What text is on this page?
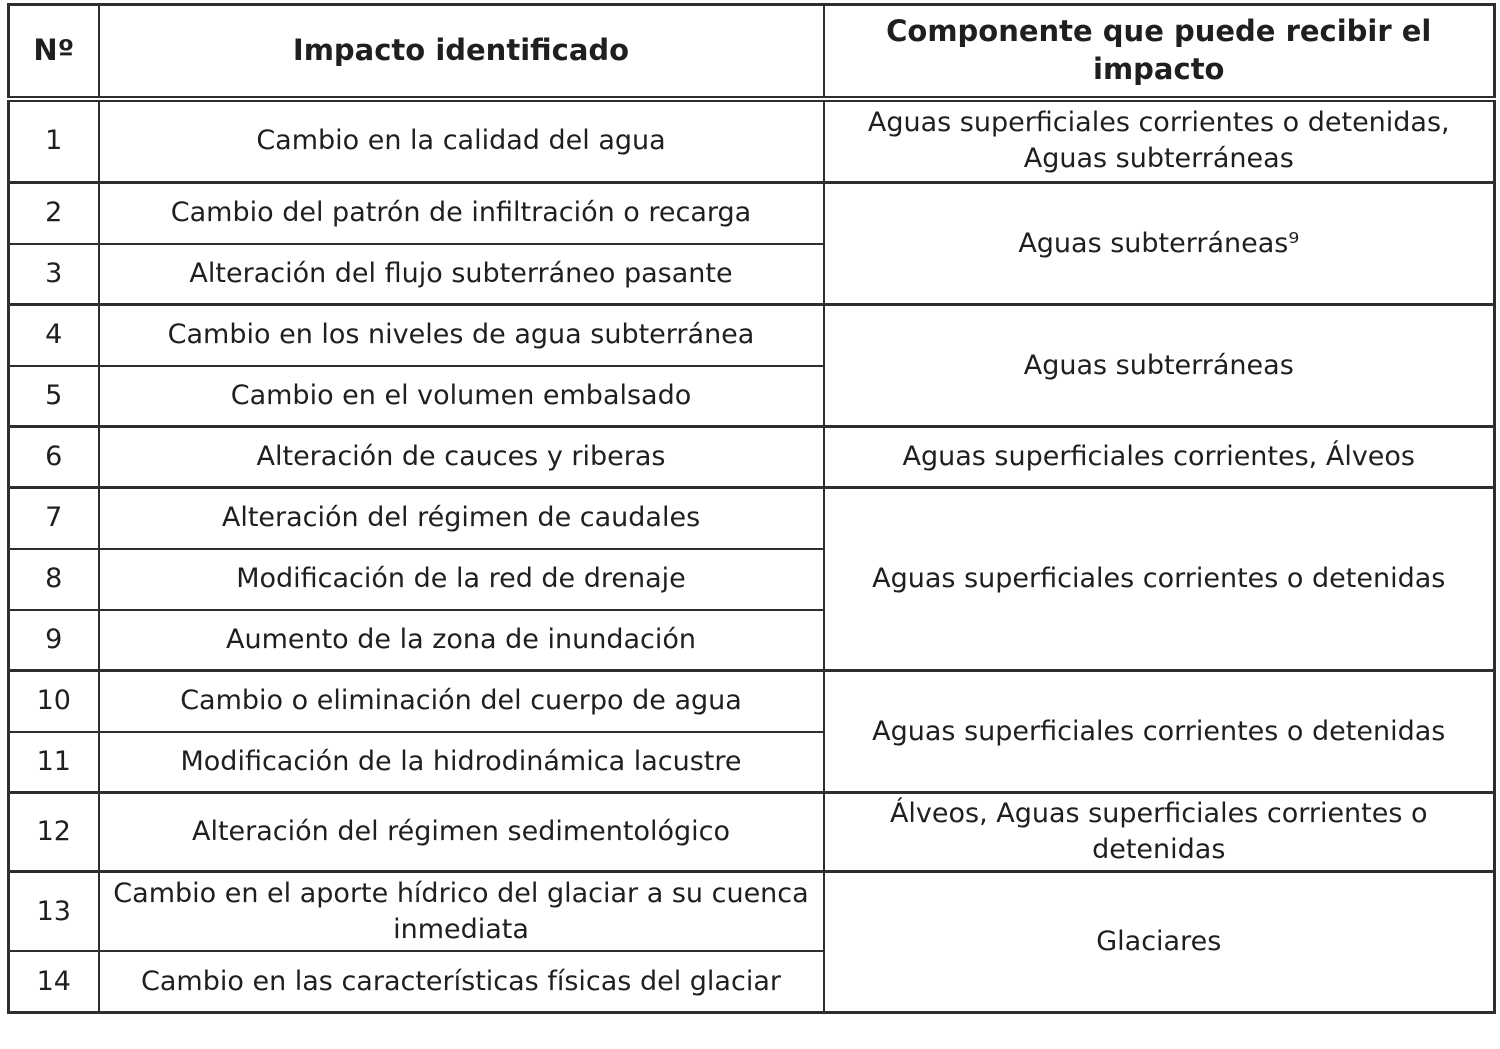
Nº	Impacto identificado	Componente que puede recibir el impacto
1	Cambio en la calidad del agua	Aguas superficiales corrientes o detenidas, Aguas subterráneas
2	Cambio del patrón de infiltración o recarga	Aguas subterráneas⁹
3	Alteración del flujo subterráneo pasante	
4	Cambio en los niveles de agua subterránea	Aguas subterráneas
5	Cambio en el volumen embalsado	
6	Alteración de cauces y riberas	Aguas superficiales corrientes, Álveos
7	Alteración del régimen de caudales	Aguas superficiales corrientes o detenidas
8	Modificación de la red de drenaje	
9	Aumento de la zona de inundación	
10	Cambio o eliminación del cuerpo de agua	Aguas superficiales corrientes o detenidas
11	Modificación de la hidrodinámica lacustre	
12	Alteración del régimen sedimentológico	Álveos, Aguas superficiales corrientes o detenidas
13	Cambio en el aporte hídrico del glaciar a su cuenca inmediata	Glaciares
14	Cambio en las características físicas del glaciar	
